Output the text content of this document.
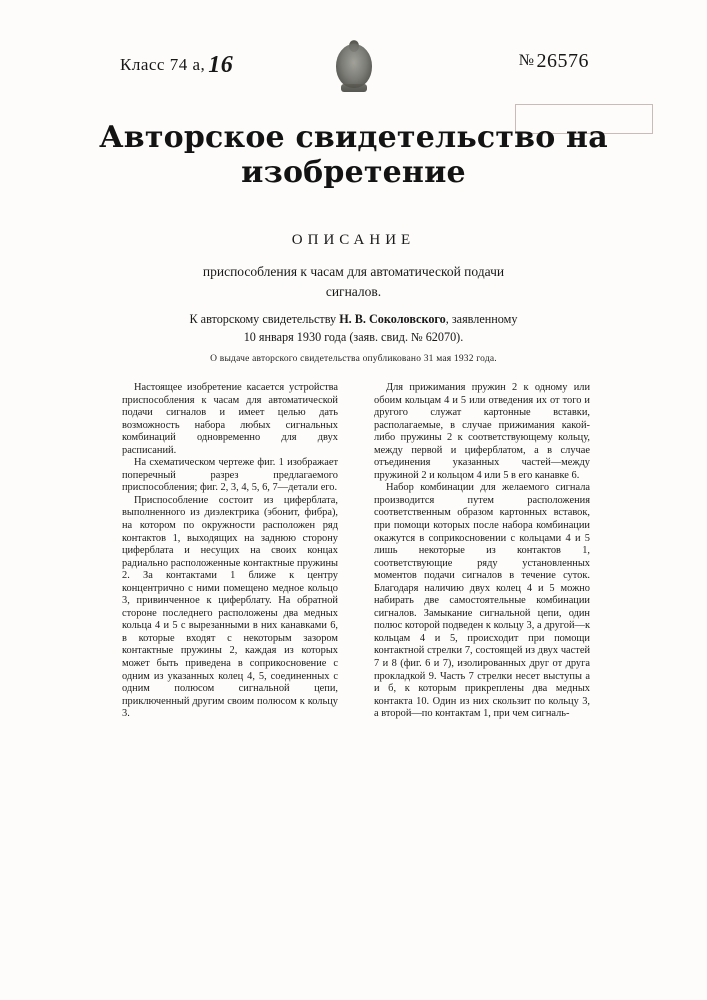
Класс 74 a, 16	№ 26576
Авторское свидетельство на изобретение
ОПИСАНИЕ
приспособления к часам для автоматической подачи
сигналов.
К авторскому свидетельству Н. В. Соколовского, заявленному
10 января 1930 года (заяв. свид. № 62070).
О выдаче авторского свидетельства опубликовано 31 мая 1932 года.

Настоящее изобретение касается устройства приспособления к часам для автоматической подачи сигналов и имеет целью дать возможность набора любых сигнальных комбинаций одновременно для двух расписаний.

На схематическом чертеже фиг. 1 изображает поперечный разрез предлагаемого приспособления; фиг. 2, 3, 4, 5, 6, 7—детали его.

Приспособление состоит из циферблата, выполненного из диэлектрика (эбонит, фибра), на котором по окружности расположен ряд контактов 1, выходящих на заднюю сторону циферблата и несущих на своих концах радиально расположенные контактные пружины 2. За контактами 1 ближе к центру концентрично с ними помещено медное кольцо 3, привинченное к циферблату. На обратной стороне последнего расположены два медных кольца 4 и 5 с вырезанными в них канавками 6, в которые входят с некоторым зазором контактные пружины 2, каждая из которых может быть приведена в соприкосновение с одним из указанных колец 4, 5, соединенных с одним полюсом сигнальной цепи, приключенный другим своим полюсом к кольцу 3.

Для прижимания пружин 2 к одному или обоим кольцам 4 и 5 или отведения их от того и другого служат картонные вставки, располагаемые, в случае прижимания какой-либо пружины 2 к соответствующему кольцу, между первой и циферблатом, а в случае отъединения указанных частей—между пружиной 2 и кольцом 4 или 5 в его канавке 6.

Набор комбинации для желаемого сигнала производится путем расположения соответственным образом картонных вставок, при помощи которых после набора комбинации окажутся в соприкосновении с кольцами 4 и 5 лишь некоторые из контактов 1, соответствующие ряду установленных моментов подачи сигналов в течение суток. Благодаря наличию двух колец 4 и 5 можно набирать две самостоятельные комбинации сигналов. Замыкание сигнальной цепи, один полюс которой подведен к кольцу 3, а другой—к кольцам 4 и 5, происходит при помощи контактной стрелки 7, состоящей из двух частей 7 и 8 (фиг. 6 и 7), изолированных друг от друга прокладкой 9. Часть 7 стрелки несет выступы а и б, к которым прикреплены два медных контакта 10. Один из них скользит по кольцу 3, а второй—по контактам 1, при чем сигналь-
